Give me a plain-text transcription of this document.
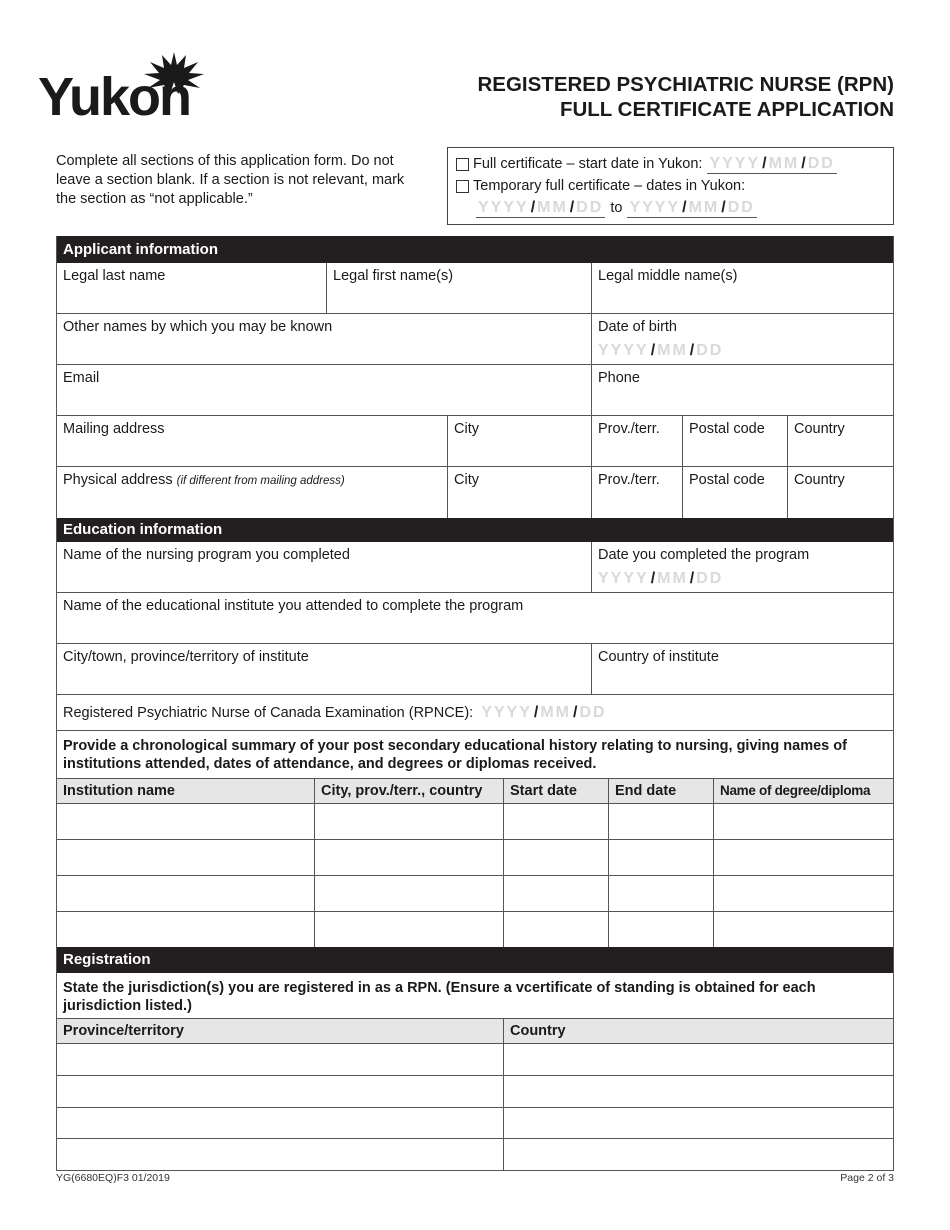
Yukon	REGISTERED PSYCHIATRIC NURSE (RPN)
FULL CERTIFICATE APPLICATION
Complete all sections of this application form. Do not leave a section blank. If a section is not relevant, mark the section as “not applicable.”
Full certificate – start date in Yukon: YYYY / MM / DD
Temporary full certificate – dates in Yukon:
YYYY / MM / DD to YYYY / MM / DD
Applicant information
Legal last name	Legal first name(s)	Legal middle name(s)
Other names by which you may be known	Date of birth
YYYY / MM / DD
Email	Phone
Mailing address	City	Prov./terr.	Postal code	Country
Physical address (if different from mailing address)	City	Prov./terr.	Postal code	Country
Education information
Name of the nursing program you completed	Date you completed the program
YYYY / MM / DD
Name of the educational institute you attended to complete the program
City/town, province/territory of institute	Country of institute
Registered Psychiatric Nurse of Canada Examination (RPNCE): YYYY / MM / DD
Provide a chronological summary of your post secondary educational history relating to nursing, giving names of institutions attended, dates of attendance, and degrees or diplomas received.
Institution name	City, prov./terr., country	Start date	End date	Name of degree/diploma
Registration
State the jurisdiction(s) you are registered in as a RPN. (Ensure a vcertificate of standing is obtained for each jurisdiction listed.)
Province/territory	Country
YG(6680EQ)F3 01/2019	Page 2 of 3
